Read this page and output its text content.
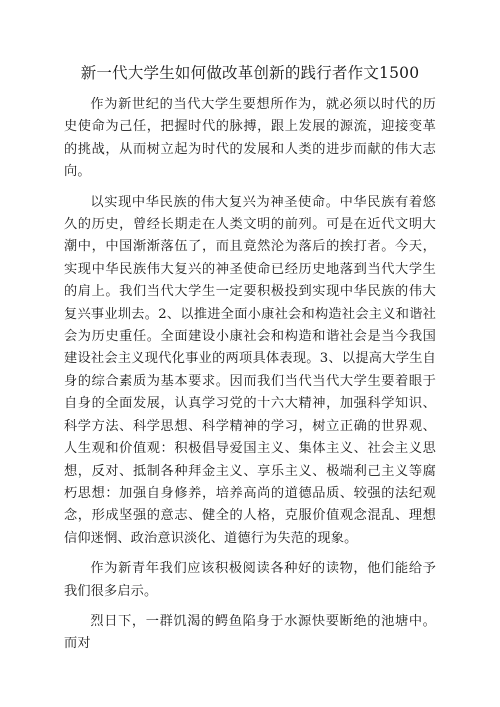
新一代大学生如何做改革创新的践行者作文1500

作为新世纪的当代大学生要想所作为，就必须以时代的历史使命为己任，把握时代的脉搏，跟上发展的源流，迎接变革的挑战，从而树立起为时代的发展和人类的进步而献的伟大志向。

以实现中华民族的伟大复兴为神圣使命。中华民族有着悠久的历史，曾经长期走在人类文明的前列。可是在近代文明大潮中，中国渐渐落伍了，而且竟然沦为落后的挨打者。今天，实现中华民族伟大复兴的神圣使命已经历史地落到当代大学生的肩上。我们当代大学生一定要积极投到实现中华民族的伟大复兴事业圳去。2、以推进全面小康社会和构造社会主义和谐社会为历史重任。全面建设小康社会和构造和谐社会是当今我国建设社会主义现代化事业的两项具体表现。3、以提高大学生自身的综合素质为基本要求。因而我们当代当代大学生要着眼于自身的全面发展，认真学习党的十六大精神，加强科学知识、科学方法、科学思想、科学精神的学习，树立正确的世界观、人生观和价值观：积极倡导爱国主义、集体主义、社会主义思想，反对、抵制各种拜金主义、享乐主义、极端利己主义等腐朽思想：加强自身修养，培养高尚的道德品质、较强的法纪观念，形成坚强的意志、健全的人格，克服价值观念混乱、理想信仰迷惘、政治意识淡化、道德行为失范的现象。

作为新青年我们应该积极阅读各种好的读物，他们能给予我们很多启示。

烈日下，一群饥渴的鳄鱼陷身于水源快要断绝的池塘中。而对
